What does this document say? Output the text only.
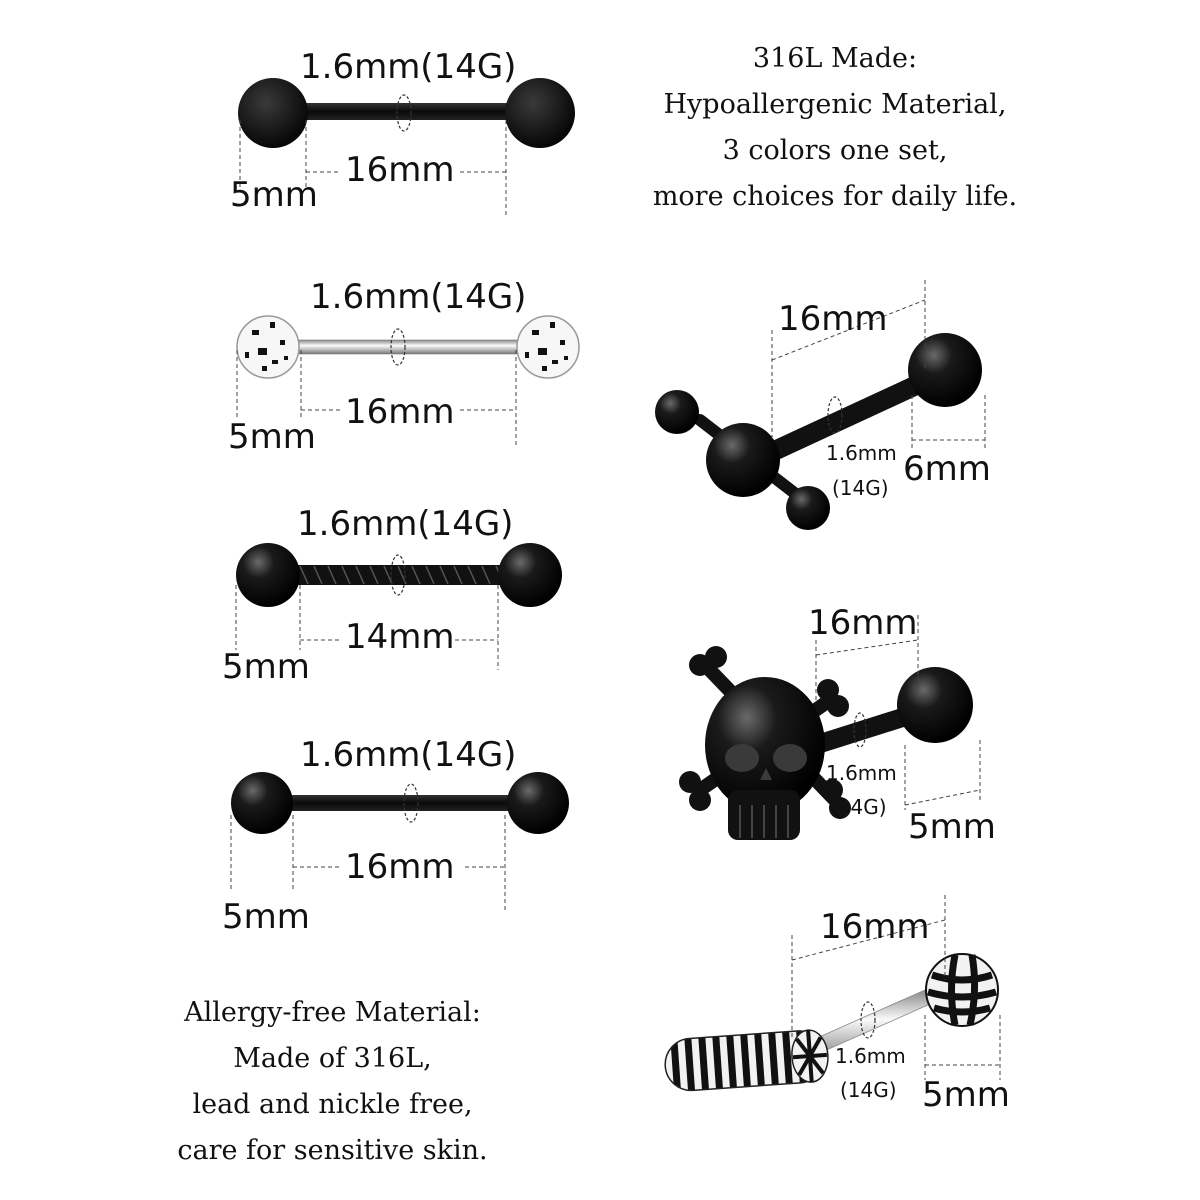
1.6mm(14G)
16mm
5mm
1.6mm(14G)
16mm
5mm
1.6mm(14G)
14mm
5mm
1.6mm(14G)
16mm
5mm
16mm
1.6mm
(14G) 6mm
16mm
1.6mm
(14G) 5mm
16mm
1.6mm
(14G) 5mm
316L Made:
Hypoallergenic Material,
3 colors one set,
more choices for daily life.
Allergy-free Material:
Made of 316L,
lead and nickle free,
care for sensitive skin.
